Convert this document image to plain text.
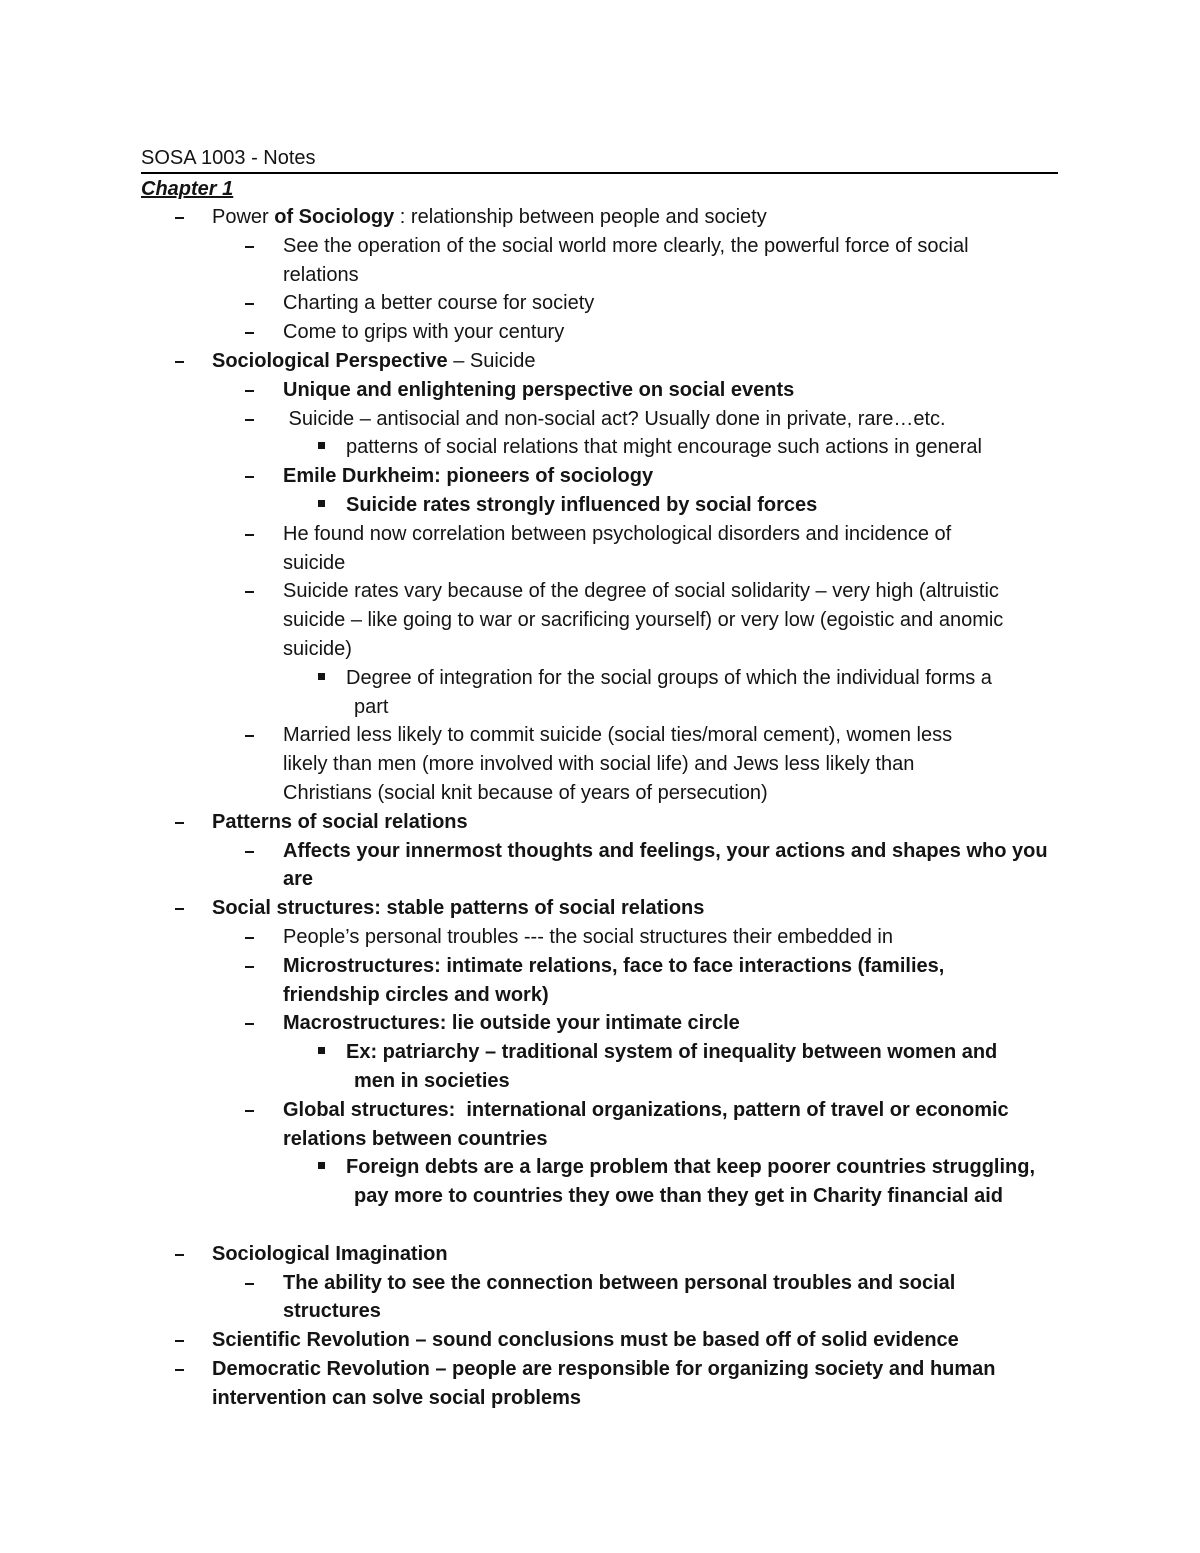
SOSA 1003 - Notes
Chapter 1
Power of Sociology : relationship between people and society
See the operation of the social world more clearly, the powerful force of social
relations
Charting a better course for society
Come to grips with your century
Sociological Perspective – Suicide
Unique and enlightening perspective on social events
Suicide – antisocial and non-social act? Usually done in private, rare…etc.
patterns of social relations that might encourage such actions in general
Emile Durkheim: pioneers of sociology
Suicide rates strongly influenced by social forces
He found now correlation between psychological disorders and incidence of
suicide
Suicide rates vary because of the degree of social solidarity – very high (altruistic
suicide – like going to war or sacrificing yourself) or very low (egoistic and anomic
suicide)
Degree of integration for the social groups of which the individual forms a
part
Married less likely to commit suicide (social ties/moral cement), women less
likely than men (more involved with social life) and Jews less likely than
Christians (social knit because of years of persecution)
Patterns of social relations
Affects your innermost thoughts and feelings, your actions and shapes who you
are
Social structures: stable patterns of social relations
People’s personal troubles --- the social structures their embedded in
Microstructures: intimate relations, face to face interactions (families,
friendship circles and work)
Macrostructures: lie outside your intimate circle
Ex: patriarchy – traditional system of inequality between women and
men in societies
Global structures:  international organizations, pattern of travel or economic
relations between countries
Foreign debts are a large problem that keep poorer countries struggling,
pay more to countries they owe than they get in Charity financial aid
Sociological Imagination
The ability to see the connection between personal troubles and social
structures
Scientific Revolution – sound conclusions must be based off of solid evidence
Democratic Revolution – people are responsible for organizing society and human
intervention can solve social problems
